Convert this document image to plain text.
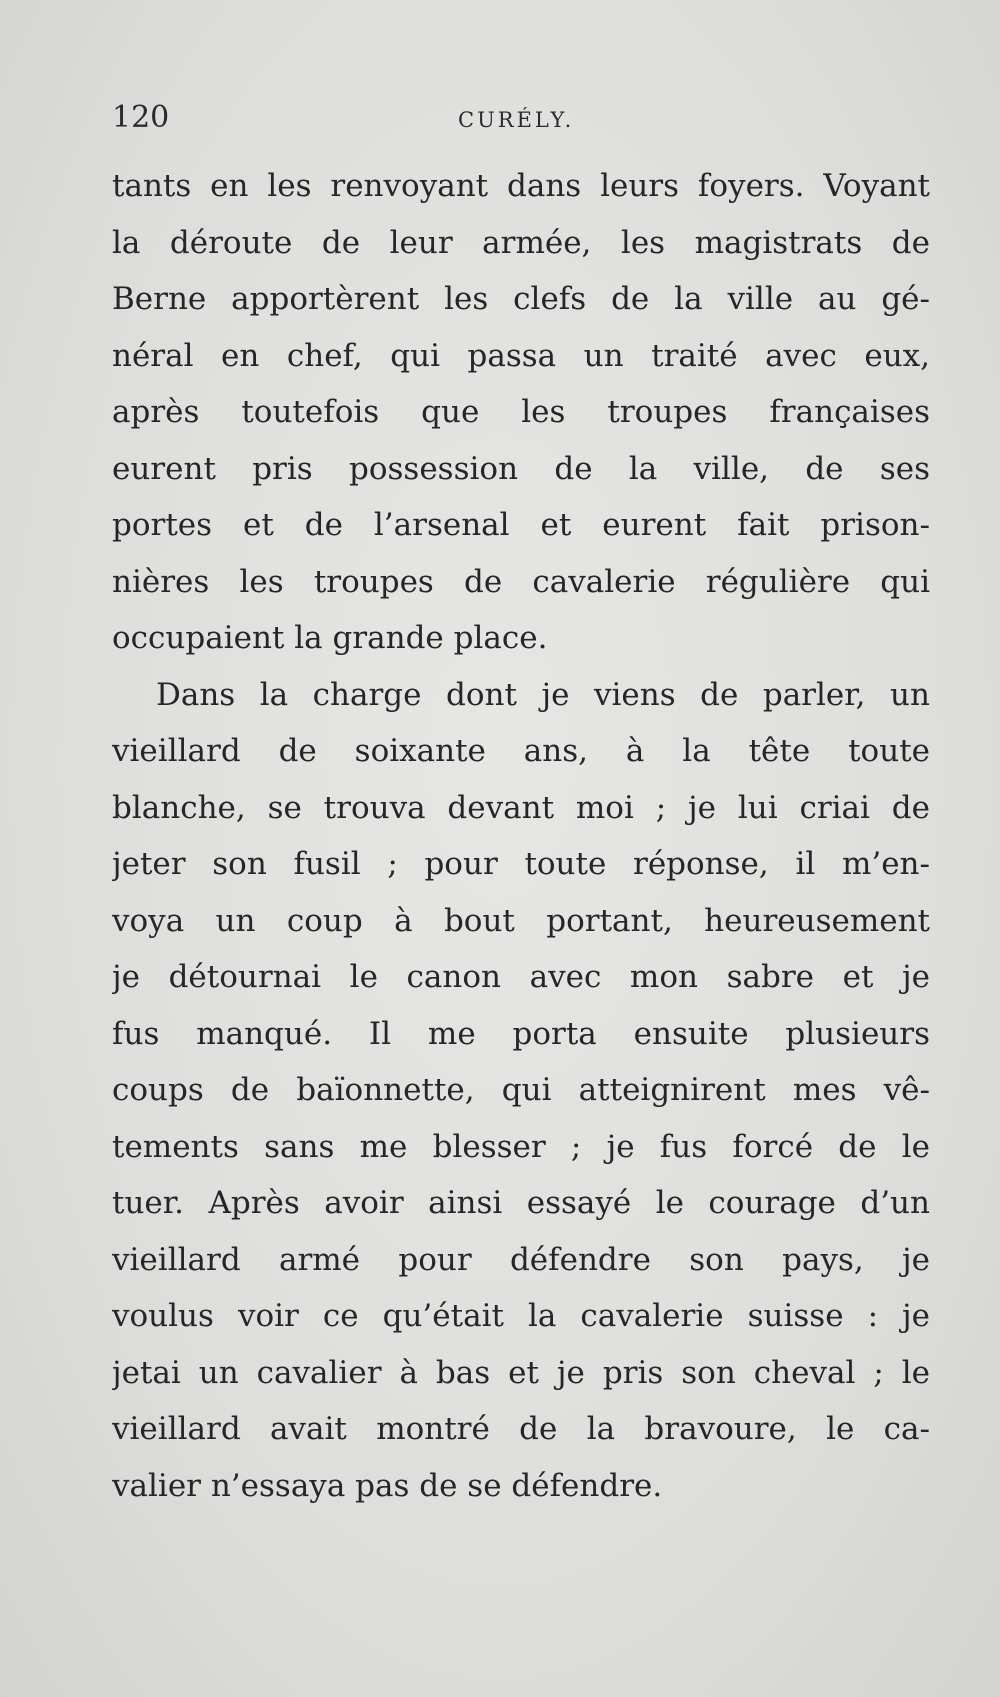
120	CURÉLY.
tants en les renvoyant dans leurs foyers. Voyant
la déroute de leur armée, les magistrats de
Berne apportèrent les clefs de la ville au gé-
néral en chef, qui passa un traité avec eux,
après toutefois que les troupes françaises
eurent pris possession de la ville, de ses
portes et de l’arsenal et eurent fait prison-
nières les troupes de cavalerie régulière qui
occupaient la grande place.
Dans la charge dont je viens de parler, un
vieillard de soixante ans, à la tête toute
blanche, se trouva devant moi ; je lui criai de
jeter son fusil ; pour toute réponse, il m’en-
voya un coup à bout portant, heureusement
je détournai le canon avec mon sabre et je
fus manqué. Il me porta ensuite plusieurs
coups de baïonnette, qui atteignirent mes vê-
tements sans me blesser ; je fus forcé de le
tuer. Après avoir ainsi essayé le courage d’un
vieillard armé pour défendre son pays, je
voulus voir ce qu’était la cavalerie suisse : je
jetai un cavalier à bas et je pris son cheval ; le
vieillard avait montré de la bravoure, le ca-
valier n’essaya pas de se défendre.
